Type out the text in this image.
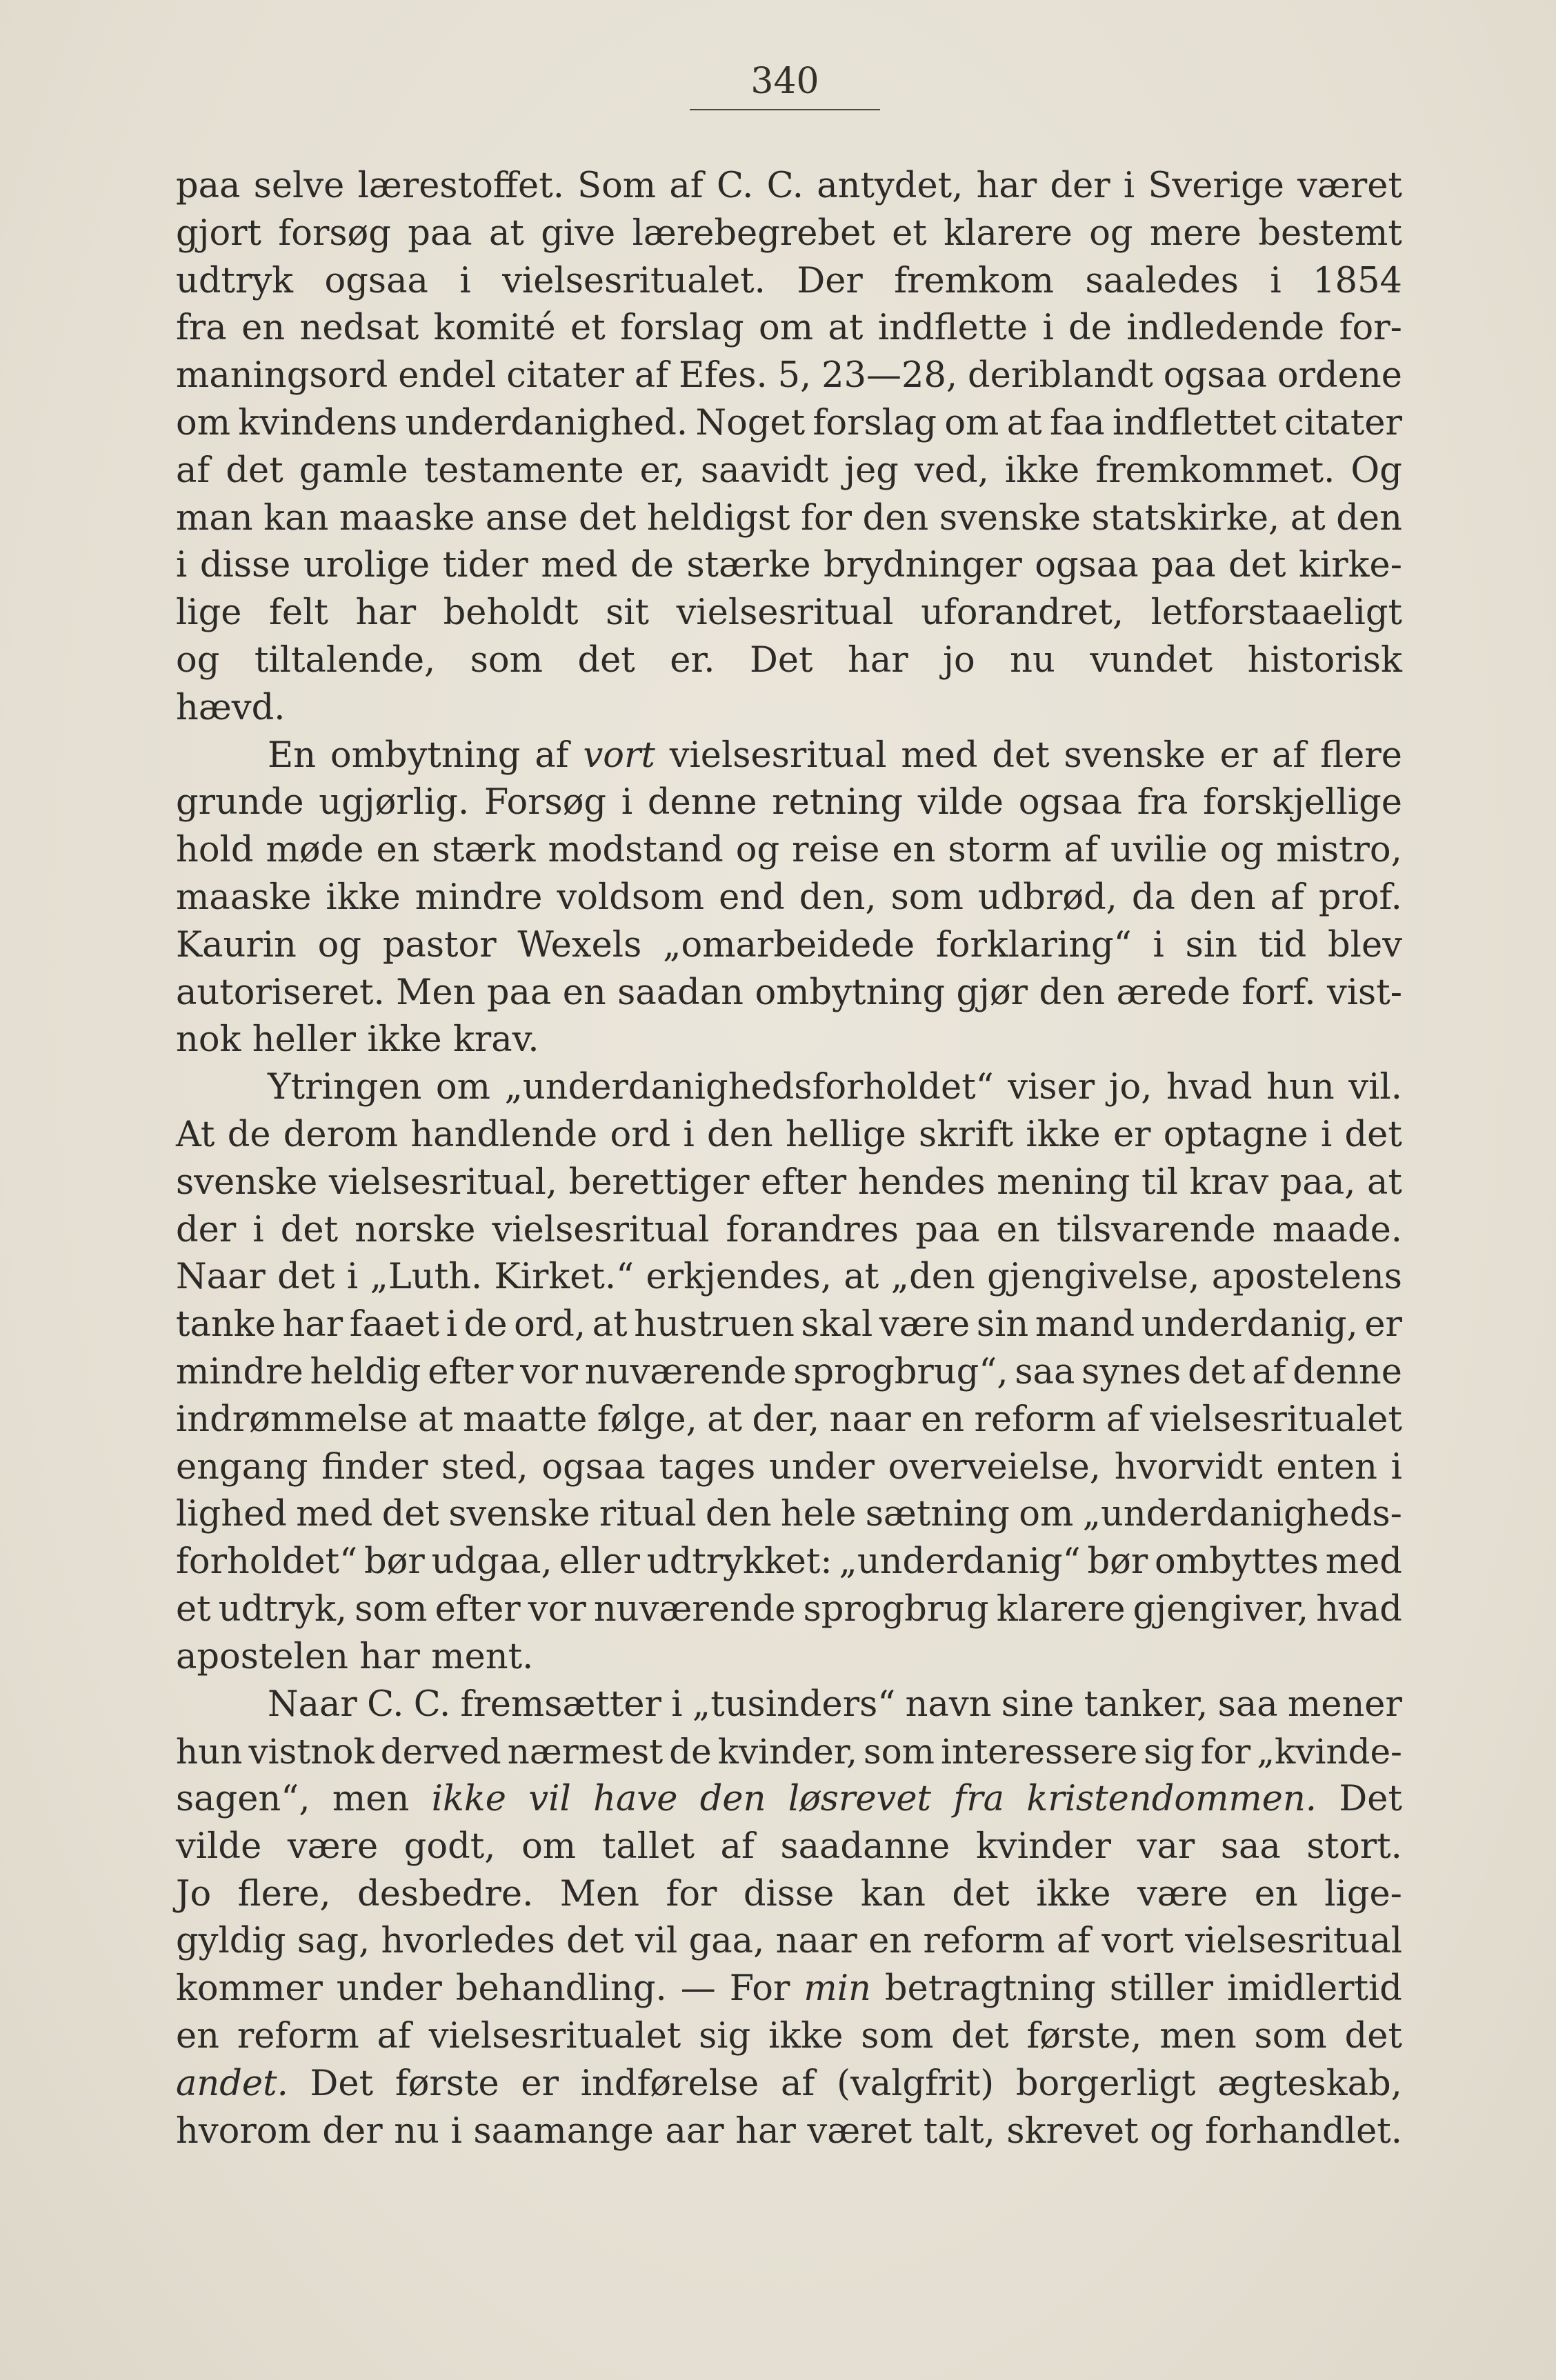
340
paa selve lærestoffet. Som af C. C. antydet, har der i Sverige været
gjort forsøg paa at give lærebegrebet et klarere og mere bestemt
udtryk ogsaa i vielsesritualet. Der fremkom saaledes i 1854
fra en nedsat komité et forslag om at indflette i de indledende for-
maningsord endel citater af Efes. 5, 23—28, deriblandt ogsaa ordene
om kvindens underdanighed. Noget forslag om at faa indflettet citater
af det gamle testamente er, saavidt jeg ved, ikke fremkommet. Og
man kan maaske anse det heldigst for den svenske statskirke, at den
i disse urolige tider med de stærke brydninger ogsaa paa det kirke-
lige felt har beholdt sit vielsesritual uforandret, letforstaaeligt
og tiltalende, som det er. Det har jo nu vundet historisk
hævd.
En ombytning af vort vielsesritual med det svenske er af flere
grunde ugjørlig. Forsøg i denne retning vilde ogsaa fra forskjellige
hold møde en stærk modstand og reise en storm af uvilie og mistro,
maaske ikke mindre voldsom end den, som udbrød, da den af prof.
Kaurin og pastor Wexels „omarbeidede forklaring“ i sin tid blev
autoriseret. Men paa en saadan ombytning gjør den ærede forf. vist-
nok heller ikke krav.
Ytringen om „underdanighedsforholdet“ viser jo, hvad hun vil.
At de derom handlende ord i den hellige skrift ikke er optagne i det
svenske vielsesritual, berettiger efter hendes mening til krav paa, at
der i det norske vielsesritual forandres paa en tilsvarende maade.
Naar det i „Luth. Kirket.“ erkjendes, at „den gjengivelse, apostelens
tanke har faaet i de ord, at hustruen skal være sin mand underdanig, er
mindre heldig efter vor nuværende sprogbrug“, saa synes det af denne
indrømmelse at maatte følge, at der, naar en reform af vielsesritualet
engang finder sted, ogsaa tages under overveielse, hvorvidt enten i
lighed med det svenske ritual den hele sætning om „underdanigheds-
forholdet“ bør udgaa, eller udtrykket: „underdanig“ bør ombyttes med
et udtryk, som efter vor nuværende sprogbrug klarere gjengiver, hvad
apostelen har ment.
Naar C. C. fremsætter i „tusinders“ navn sine tanker, saa mener
hun vistnok derved nærmest de kvinder, som interessere sig for „kvinde-
sagen“, men ikke vil have den løsrevet fra kristendommen. Det
vilde være godt, om tallet af saadanne kvinder var saa stort.
Jo flere, desbedre. Men for disse kan det ikke være en lige-
gyldig sag, hvorledes det vil gaa, naar en reform af vort vielsesritual
kommer under behandling. — For min betragtning stiller imidlertid
en reform af vielsesritualet sig ikke som det første, men som det
andet. Det første er indførelse af (valgfrit) borgerligt ægteskab,
hvorom der nu i saamange aar har været talt, skrevet og forhandlet.
